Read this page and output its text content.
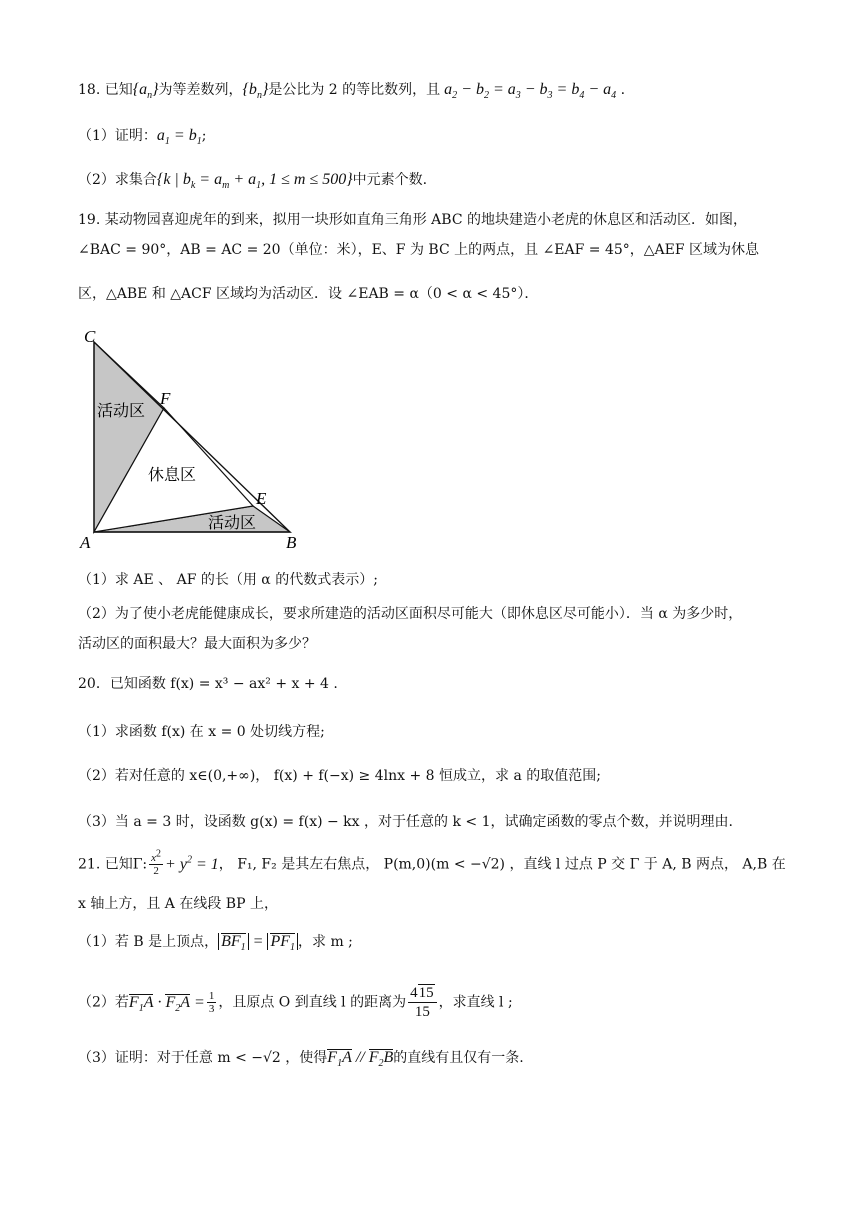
18. 已知$\{a_n\}$为等差数列，$\{b_n\}$是公比为 2 的等比数列，且 $a_2 - b_2 = a_3 - b_3 = b_4 - a_4$ .
（1）证明：$a_1 = b_1$;
（2）求集合{k | $b_k = a_m + a_1$, 1 ≤ m ≤ 500}中元素个数.
19. 某动物园喜迎虎年的到来，拟用一块形如直角三角形 ABC 的地块建造小老虎的休息区和活动区．如图，
∠BAC = 90°，AB = AC = 20（单位：米），E、F 为 BC 上的两点，且 ∠EAF = 45°，△AEF 区域为休息
区，△ABE 和 △ACF 区域均为活动区．设 ∠EAB = α（0 < α < 45°）．
C
F
E
A	B
活动区
休息区
活动区
（1）求 AE 、 AF 的长（用 α 的代数式表示）;
（2）为了使小老虎能健康成长，要求所建造的活动区面积尽可能大（即休息区尽可能小）．当 α 为多少时，
活动区的面积最大？最大面积为多少？
20．已知函数 f(x) = x³ − ax² + x + 4 .
（1）求函数 f(x) 在 x = 0 处切线方程;
（2）若对任意的 x∈(0,+∞)， f(x) + f(−x) ≥ 4lnx + 8 恒成立，求 a 的取值范围;
（3）当 a = 3 时，设函数 g(x) = f(x) − kx ，对于任意的 k < 1，试确定函数的零点个数，并说明理由.
21. 已知Γ: $\frac{x^2}{2} + y^2 = 1$， F₁, F₂ 是其左右焦点， P(m,0)(m < −√2) ，直线 l 过点 P 交 Γ 于 A, B 两点， A,B 在
x 轴上方，且 A 在线段 BP 上，
（1）若 B 是上顶点， $BF_1 = PF_1$ ，求 m ;
（2）若$F_1A \cdot F_2A = \frac{1}{3}$ ，且原点 O 到直线 l 的距离为 $\frac{415}{15}$ ，求直线 l ;
（3）证明：对于任意 m < −√2 ，使得$F_1A // F_2B$的直线有且仅有一条.
